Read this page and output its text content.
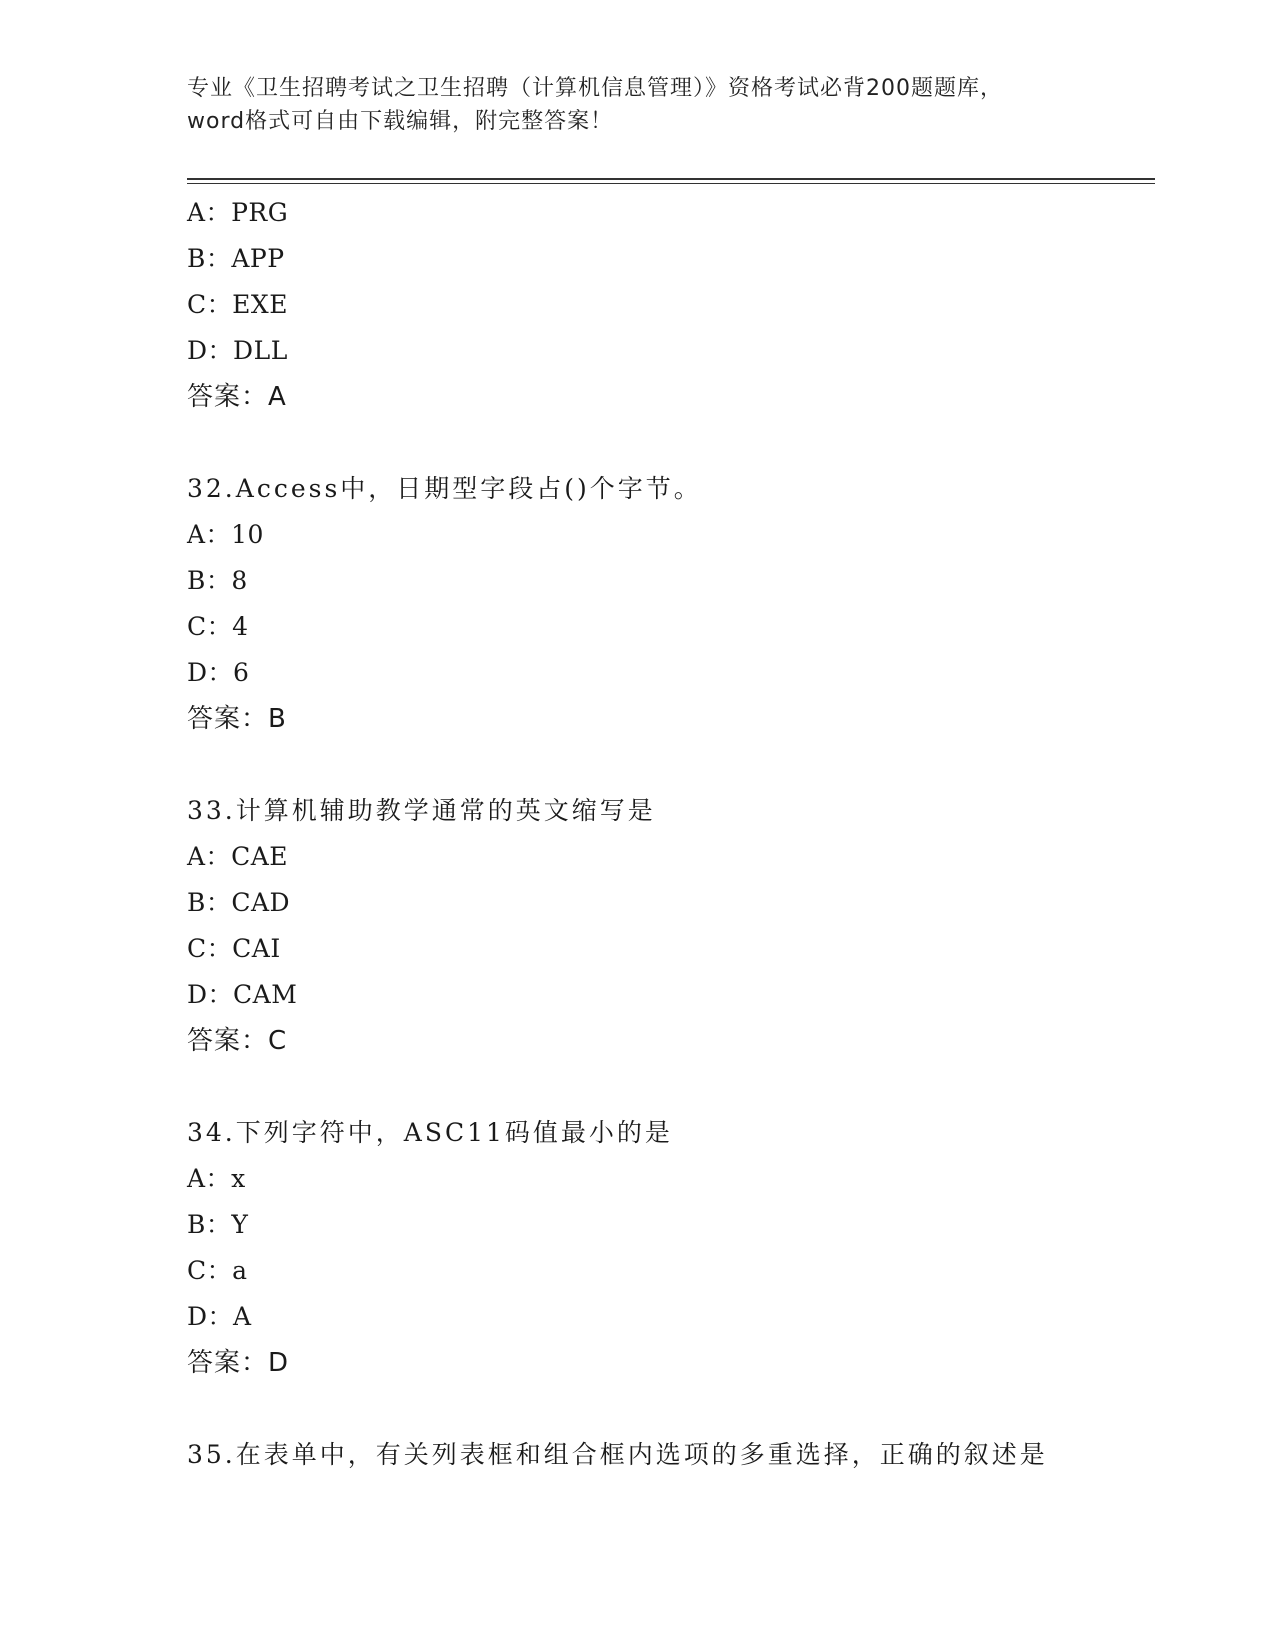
专业《卫生招聘考试之卫生招聘（计算机信息管理）》资格考试必背200题题库，
word格式可自由下载编辑，附完整答案！
A：PRG
B：APP
C：EXE
D：DLL
答案：A
32.Access中，日期型字段占()个字节。
A：10
B：8
C：4
D：6
答案：B
33.计算机辅助教学通常的英文缩写是
A：CAE
B：CAD
C：CAI
D：CAM
答案：C
34.下列字符中，ASC11码值最小的是
A：x
B：Y
C：a
D：A
答案：D
35.在表单中，有关列表框和组合框内选项的多重选择，正确的叙述是
